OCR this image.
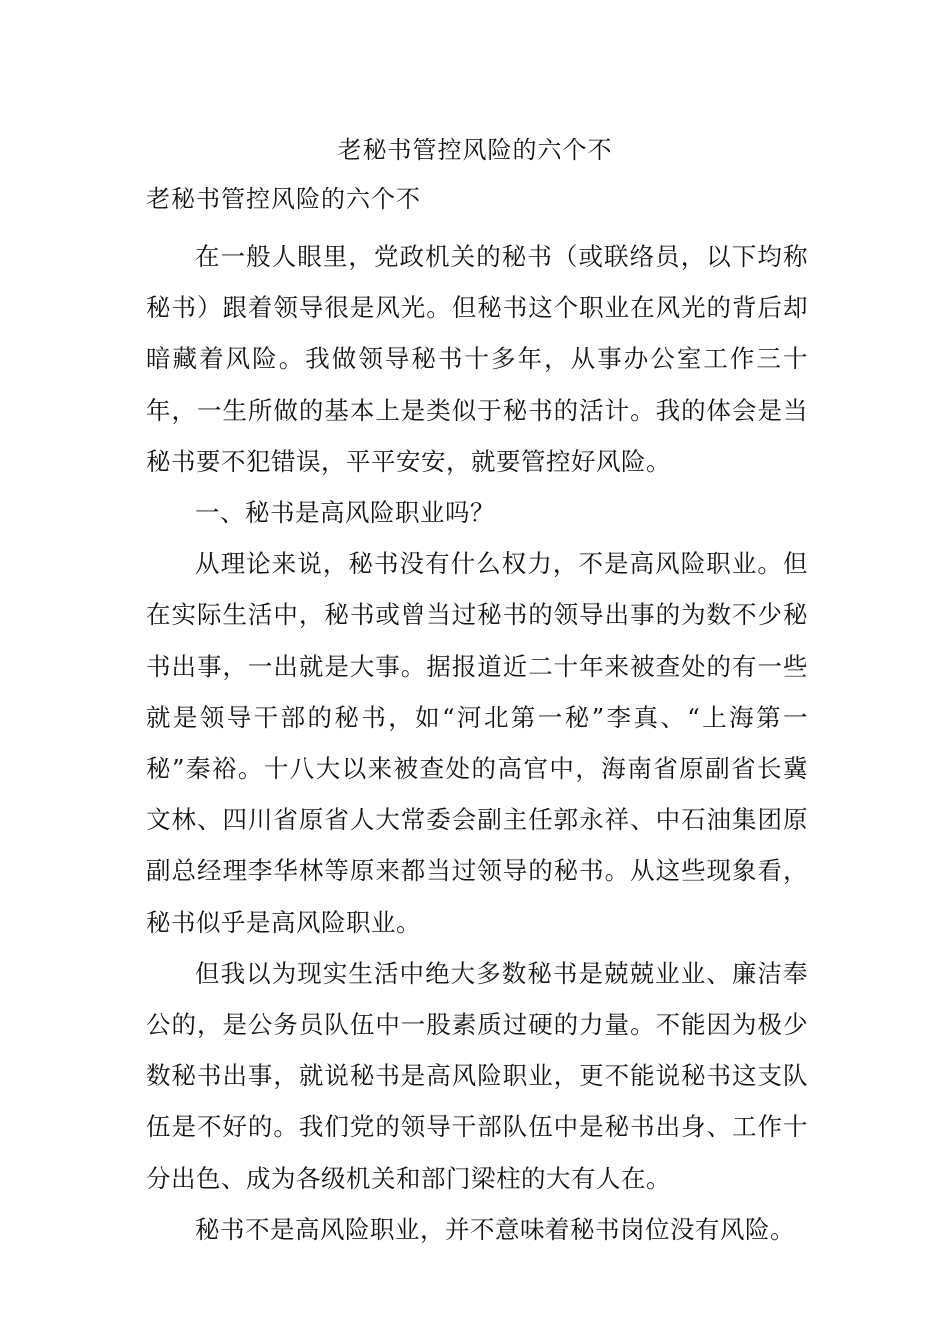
老秘书管控风险的六个不
老秘书管控风险的六个不

在一般人眼里，党政机关的秘书（或联络员，以下均称秘书）跟着领导很是风光。但秘书这个职业在风光的背后却暗藏着风险。我做领导秘书十多年，从事办公室工作三十年，一生所做的基本上是类似于秘书的活计。我的体会是当秘书要不犯错误，平平安安，就要管控好风险。

一、秘书是高风险职业吗？

从理论来说，秘书没有什么权力，不是高风险职业。但在实际生活中，秘书或曾当过秘书的领导出事的为数不少秘书出事，一出就是大事。据报道近二十年来被查处的有一些就是领导干部的秘书，如“河北第一秘”李真、“上海第一秘”秦裕。十八大以来被查处的高官中，海南省原副省长冀文林、四川省原省人大常委会副主任郭永祥、中石油集团原副总经理李华林等原来都当过领导的秘书。从这些现象看，秘书似乎是高风险职业。

但我以为现实生活中绝大多数秘书是兢兢业业、廉洁奉公的，是公务员队伍中一股素质过硬的力量。不能因为极少数秘书出事，就说秘书是高风险职业，更不能说秘书这支队伍是不好的。我们党的领导干部队伍中是秘书出身、工作十分出色、成为各级机关和部门梁柱的大有人在。

秘书不是高风险职业，并不意味着秘书岗位没有风险。
